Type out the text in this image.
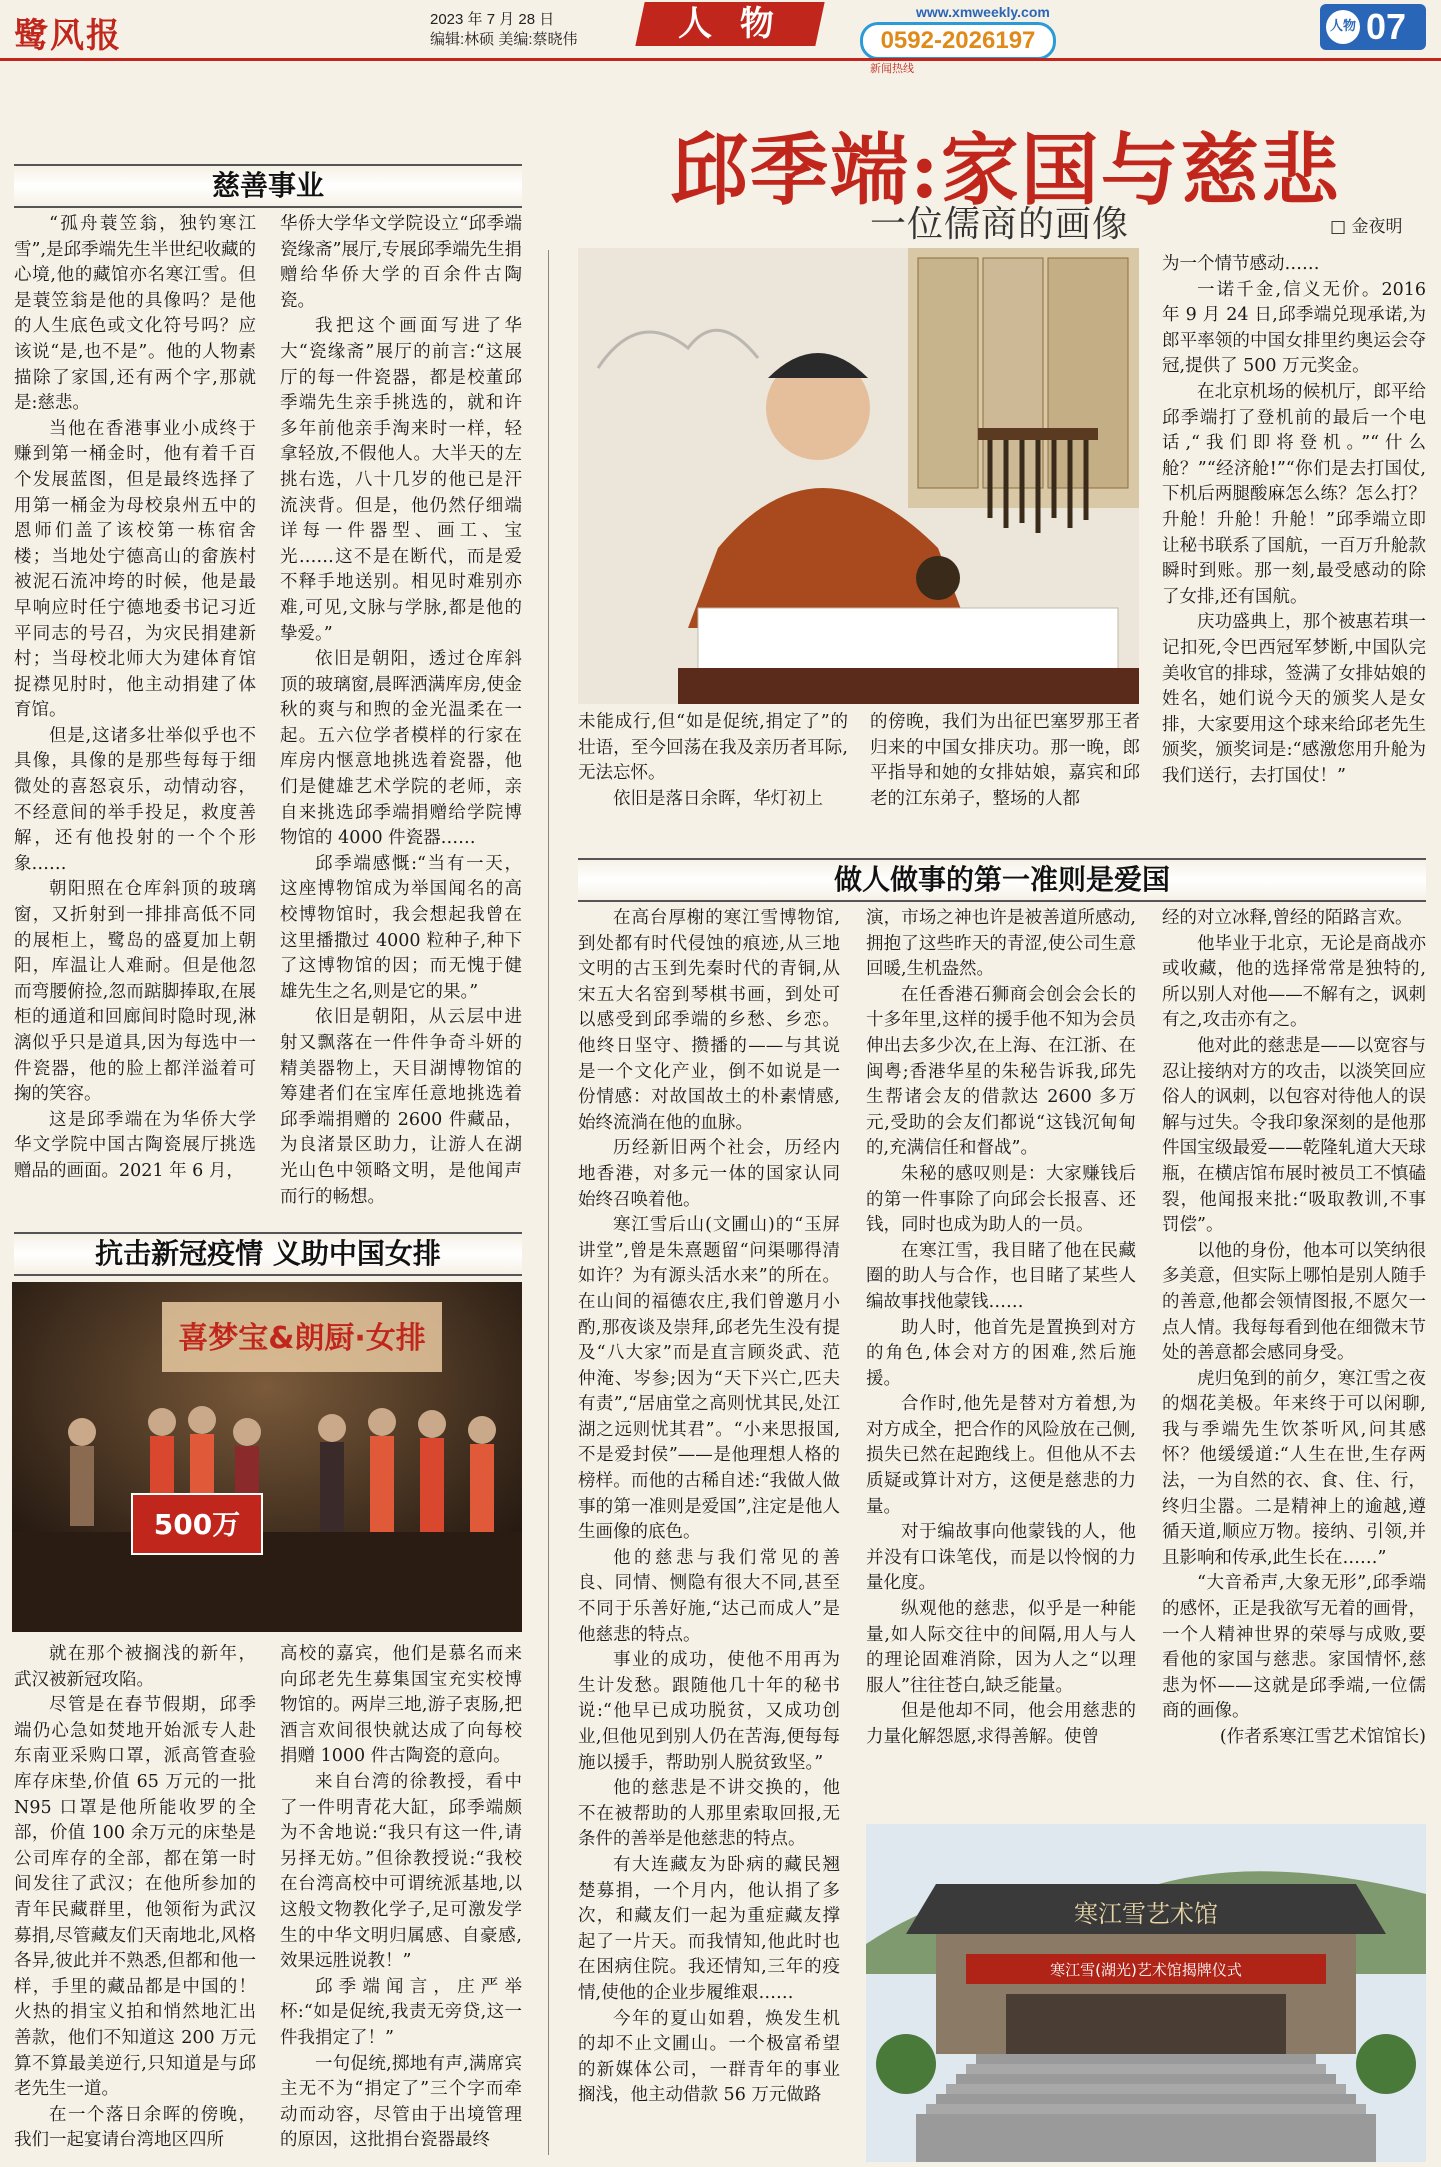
鹭风报	2023 年 7 月 28 日
编辑:林硕 美编:蔡晓伟	人 物	www.xmweekly.com
0592-2026197
新闻热线
人物 07
邱季端:家国与慈悲
一位儒商的画像	□ 金夜明
慈善事业

“孤舟蓑笠翁，独钓寒江雪”,是邱季端先生半世纪收藏的心境,他的藏馆亦名寒江雪。但是蓑笠翁是他的具像吗？是他的人生底色或文化符号吗？应该说“是,也不是”。他的人物素描除了家国,还有两个字,那就是:慈悲。

当他在香港事业小成终于赚到第一桶金时，他有着千百个发展蓝图，但是最终选择了用第一桶金为母校泉州五中的恩师们盖了该校第一栋宿舍楼；当地处宁德高山的畲族村被泥石流冲垮的时候，他是最早响应时任宁德地委书记习近平同志的号召，为灾民捐建新村；当母校北师大为建体育馆捉襟见肘时，他主动捐建了体育馆。

但是,这诸多壮举似乎也不具像，具像的是那些每每于细微处的喜怒哀乐，动情动容，不经意间的举手投足，救度善解，还有他投射的一个个形象……

朝阳照在仓库斜顶的玻璃窗，又折射到一排排高低不同的展柜上，鹭岛的盛夏加上朝阳，库温让人难耐。但是他忽而弯腰俯捡,忽而踮脚捧取,在展柜的通道和回廊间时隐时现,淋漓似乎只是道具,因为每选中一件瓷器，他的脸上都洋溢着可掬的笑容。

这是邱季端在为华侨大学华文学院中国古陶瓷展厅挑选赠品的画面。2021 年 6 月，

华侨大学华文学院设立“邱季端瓷缘斋”展厅,专展邱季端先生捐赠给华侨大学的百余件古陶瓷。

我把这个画面写进了华大“瓷缘斋”展厅的前言:“这展厅的每一件瓷器，都是校董邱季端先生亲手挑选的，就和许多年前他亲手淘来时一样，轻拿轻放,不假他人。大半天的左挑右选，八十几岁的他已是汗流浃背。但是，他仍然仔细端详每一件器型、画工、宝光……这不是在断代，而是爱不释手地送别。相见时难别亦难,可见,文脉与学脉,都是他的挚爱。”

依旧是朝阳，透过仓库斜顶的玻璃窗,晨晖洒满库房,使金秋的爽与和煦的金光温柔在一起。五六位学者模样的行家在库房内惬意地挑选着瓷器，他们是健雄艺术学院的老师，亲自来挑选邱季端捐赠给学院博物馆的 4000 件瓷器……

邱季端感慨:“当有一天，这座博物馆成为举国闻名的高校博物馆时，我会想起我曾在这里播撒过 4000 粒种子,种下了这博物馆的因；而无愧于健雄先生之名,则是它的果。”

依旧是朝阳，从云层中进射又飘落在一件件争奇斗妍的精美器物上，天目湖博物馆的筹建者们在宝库任意地挑选着邱季端捐赠的 2600 件藏品，为良渚景区助力，让游人在湖光山色中领略文明，是他闻声而行的畅想。

抗击新冠疫情 义助中国女排
喜梦宝&朗厨·女排
500万

就在那个被搁浅的新年，武汉被新冠攻陷。

尽管是在春节假期，邱季端仍心急如焚地开始派专人赴东南亚采购口罩，派高管查验库存床垫,价值 65 万元的一批 N95 口罩是他所能收罗的全部，价值 100 余万元的床垫是公司库存的全部，都在第一时间发往了武汉；在他所参加的青年民藏群里，他领衔为武汉募捐,尽管藏友们天南地北,风格各异,彼此并不熟悉,但都和他一样，手里的藏品都是中国的！火热的捐宝义拍和悄然地汇出善款，他们不知道这 200 万元算不算最美逆行,只知道是与邱老先生一道。

在一个落日余晖的傍晚，我们一起宴请台湾地区四所

高校的嘉宾，他们是慕名而来向邱老先生募集国宝充实校博物馆的。两岸三地,游子衷肠,把酒言欢间很快就达成了向每校捐赠 1000 件古陶瓷的意向。

来自台湾的徐教授，看中了一件明青花大缸，邱季端颇为不舍地说:“我只有这一件,请另择无妨。”但徐教授说:“我校在台湾高校中可谓统派基地,以这般文物教化学子,足可激发学生的中华文明归属感、自豪感,效果远胜说教！”

邱季端闻言，庄严举杯:“如是促统,我责无旁贷,这一件我捐定了！”

一句促统,掷地有声,满席宾主无不为“捐定了”三个字而牵动而动容，尽管由于出境管理的原因，这批捐台瓷器最终

未能成行,但“如是促统,捐定了”的壮语，至今回荡在我及亲历者耳际,无法忘怀。

依旧是落日余晖，华灯初上

的傍晚，我们为出征巴塞罗那王者归来的中国女排庆功。那一晚，郎平指导和她的女排姑娘，嘉宾和邱老的江东弟子，整场的人都

为一个情节感动……

一诺千金,信义无价。2016 年 9 月 24 日,邱季端兑现承诺,为郎平率领的中国女排里约奥运会夺冠,提供了 500 万元奖金。

在北京机场的候机厅，郎平给邱季端打了登机前的最后一个电话,“我们即将登机。”“什么舱？”“经济舱!”“你们是去打国仗,下机后两腿酸麻怎么练？怎么打？升舱！升舱！升舱！”邱季端立即让秘书联系了国航，一百万升舱款瞬时到账。那一刻,最受感动的除了女排,还有国航。

庆功盛典上，那个被惠若琪一记扣死,令巴西冠军梦断,中国队完美收官的排球，签满了女排姑娘的姓名，她们说今天的颁奖人是女排，大家要用这个球来给邱老先生颁奖，颁奖词是:“感激您用升舱为我们送行，去打国仗！”

做人做事的第一准则是爱国

在高台厚榭的寒江雪博物馆,到处都有时代侵蚀的痕迹,从三地文明的古玉到先秦时代的青铜,从宋五大名窑到琴棋书画，到处可以感受到邱季端的乡愁、乡恋。他终日坚守、攒播的——与其说是一个文化产业，倒不如说是一份情感：对故国故土的朴素情感,始终流淌在他的血脉。

历经新旧两个社会，历经内地香港，对多元一体的国家认同始终召唤着他。

寒江雪后山(文圃山)的“玉屏讲堂”,曾是朱熹题留“问渠哪得清如许？为有源头活水来”的所在。在山间的福德农庄,我们曾邀月小酌,那夜谈及崇拜,邱老先生没有提及“八大家”而是直言顾炎武、范仲淹、岑参;因为“天下兴亡,匹夫有责”,“居庙堂之高则忧其民,处江湖之远则忧其君”。“小来思报国,不是爱封侯”——是他理想人格的榜样。而他的古稀自述:“我做人做事的第一准则是爱国”,注定是他人生画像的底色。

他的慈悲与我们常见的善良、同情、恻隐有很大不同,甚至不同于乐善好施,“达己而成人”是他慈悲的特点。

事业的成功，使他不用再为生计发愁。跟随他几十年的秘书说:“他早已成功脱贫，又成功创业,但他见到别人仍在苦海,便每每施以援手，帮助别人脱贫致坚。”

他的慈悲是不讲交换的，他不在被帮助的人那里索取回报,无条件的善举是他慈悲的特点。

有大连藏友为卧病的藏民翘楚募捐，一个月内，他认捐了多次，和藏友们一起为重症藏友撑起了一片天。而我情知,他此时也在困病住院。我还情知,三年的疫情,使他的企业步履维艰……

今年的夏山如碧，焕发生机的却不止文圃山。一个极富希望的新媒体公司，一群青年的事业搁浅，他主动借款 56 万元做路

演，市场之神也许是被善道所感动,拥抱了这些昨天的青涩,使公司生意回暖,生机盎然。

在任香港石狮商会创会会长的十多年里,这样的援手他不知为会员伸出去多少次,在上海、在江浙、在闽粤;香港华星的朱秘告诉我,邱先生帮诸会友的借款达 2600 多万元,受助的会友们都说“这钱沉甸甸的,充满信任和督战”。

朱秘的感叹则是：大家赚钱后的第一件事除了向邱会长报喜、还钱，同时也成为助人的一员。

在寒江雪，我目睹了他在民藏圈的助人与合作，也目睹了某些人编故事找他蒙钱……

助人时，他首先是置换到对方的角色,体会对方的困难,然后施援。

合作时,他先是替对方着想,为对方成全，把合作的风险放在己侧,损失已然在起跑线上。但他从不去质疑或算计对方，这便是慈悲的力量。

对于编故事向他蒙钱的人，他并没有口诛笔伐，而是以怜悯的力量化度。

纵观他的慈悲，似乎是一种能量,如人际交往中的间隔,用人与人的理论固难消除，因为人之“以理服人”往往苍白,缺乏能量。

但是他却不同，他会用慈悲的力量化解怨愿,求得善解。使曾

经的对立冰释,曾经的陌路言欢。

他毕业于北京，无论是商战亦或收藏，他的选择常常是独特的,所以别人对他——不解有之，讽刺有之,攻击亦有之。

他对此的慈悲是——以宽容与忍让接纳对方的攻击，以淡笑回应俗人的讽刺，以包容对待他人的误解与过失。令我印象深刻的是他那件国宝级最爱——乾隆轧道大天球瓶，在横店馆布展时被员工不慎磕裂，他闻报来批:“吸取教训,不事罚偿”。

以他的身份，他本可以笑纳很多美意，但实际上哪怕是别人随手的善意,他都会领情图报,不愿欠一点人情。我每每看到他在细微末节处的善意都会感同身受。

虎归兔到的前夕，寒江雪之夜的烟花美极。年来终于可以闲聊,我与季端先生饮茶听风,问其感怀？他缓缓道:“人生在世,生存两法，一为自然的衣、食、住、行，终归尘嚣。二是精神上的逾越,遵循天道,顺应万物。接纳、引领,并且影响和传承,此生长在……”

“大音希声,大象无形”,邱季端的感怀，正是我欲写无着的画骨，一个人精神世界的荣辱与成败,要看他的家国与慈悲。家国情怀,慈悲为怀——这就是邱季端,一位儒商的画像。

(作者系寒江雪艺术馆馆长)

寒江雪艺术馆
寒江雪(湖光)艺术馆揭牌仪式
